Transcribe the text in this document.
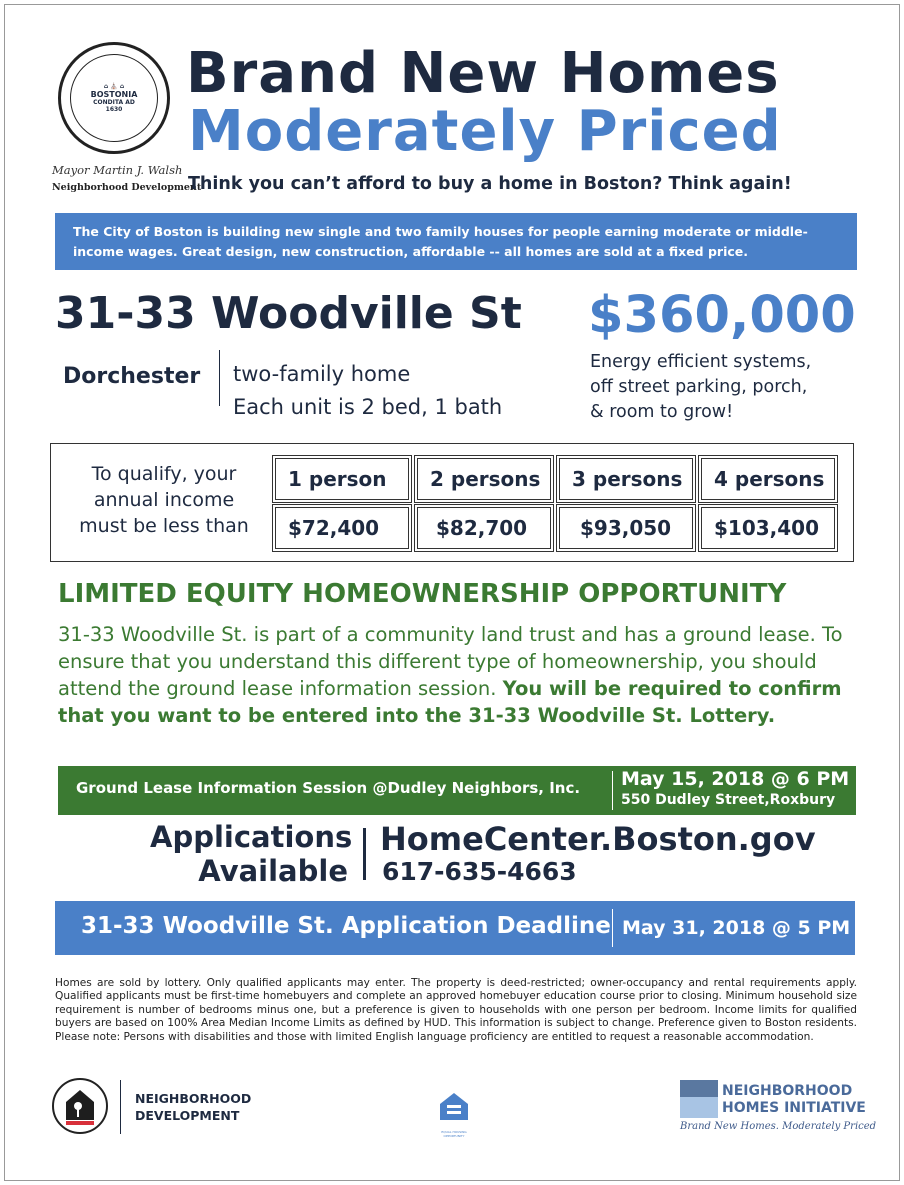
⌂ ⛪ ⌂
BOSTONIA
CONDITA AD
1630
Mayor Martin J. Walsh
Neighborhood Development
Brand New Homes
Moderately Priced
Think you can’t afford to buy a home in Boston? Think again!
The City of Boston is building new single and two family houses for people earning moderate or middle-income wages. Great design, new construction, affordable -- all homes are sold at a fixed price.
31-33 Woodville St $360,000
Dorchester two-family home
Each unit is 2 bed, 1 bath
Energy efficient systems,
off street parking, porch,
& room to grow!
To qualify, your
annual income
must be less than
1 person	2 persons	3 persons	4 persons
$72,400	$82,700	$93,050	$103,400
LIMITED EQUITY HOMEOWNERSHIP OPPORTUNITY
31-33 Woodville St. is part of a community land trust and has a ground lease. To ensure that you understand this different type of homeownership, you should attend the ground lease information session. You will be required to confirm that you want to be entered into the 31-33 Woodville St. Lottery.
Ground Lease Information Session @Dudley Neighbors, Inc. May 15, 2018 @ 6 PM
550 Dudley Street,Roxbury
Applications
Available
HomeCenter.Boston.gov
617-635-4663
31-33 Woodville St. Application Deadline May 31, 2018 @ 5 PM
Homes are sold by lottery. Only qualified applicants may enter. The property is deed-restricted; owner-occupancy and rental requirements apply. Qualified applicants must be first-time homebuyers and complete an approved homebuyer education course prior to closing. Minimum household size requirement is number of bedrooms minus one, but a preference is given to households with one person per bedroom. Income limits for qualified buyers are based on 100% Area Median Income Limits as defined by HUD. This information is subject to change. Preference given to Boston residents. Please note: Persons with disabilities and those with limited English language proficiency are entitled to request a reasonable accommodation.
NEIGHBORHOOD
DEVELOPMENT
EQUAL HOUSING OPPORTUNITY
NEIGHBORHOOD
HOMES INITIATIVE
Brand New Homes. Moderately Priced
